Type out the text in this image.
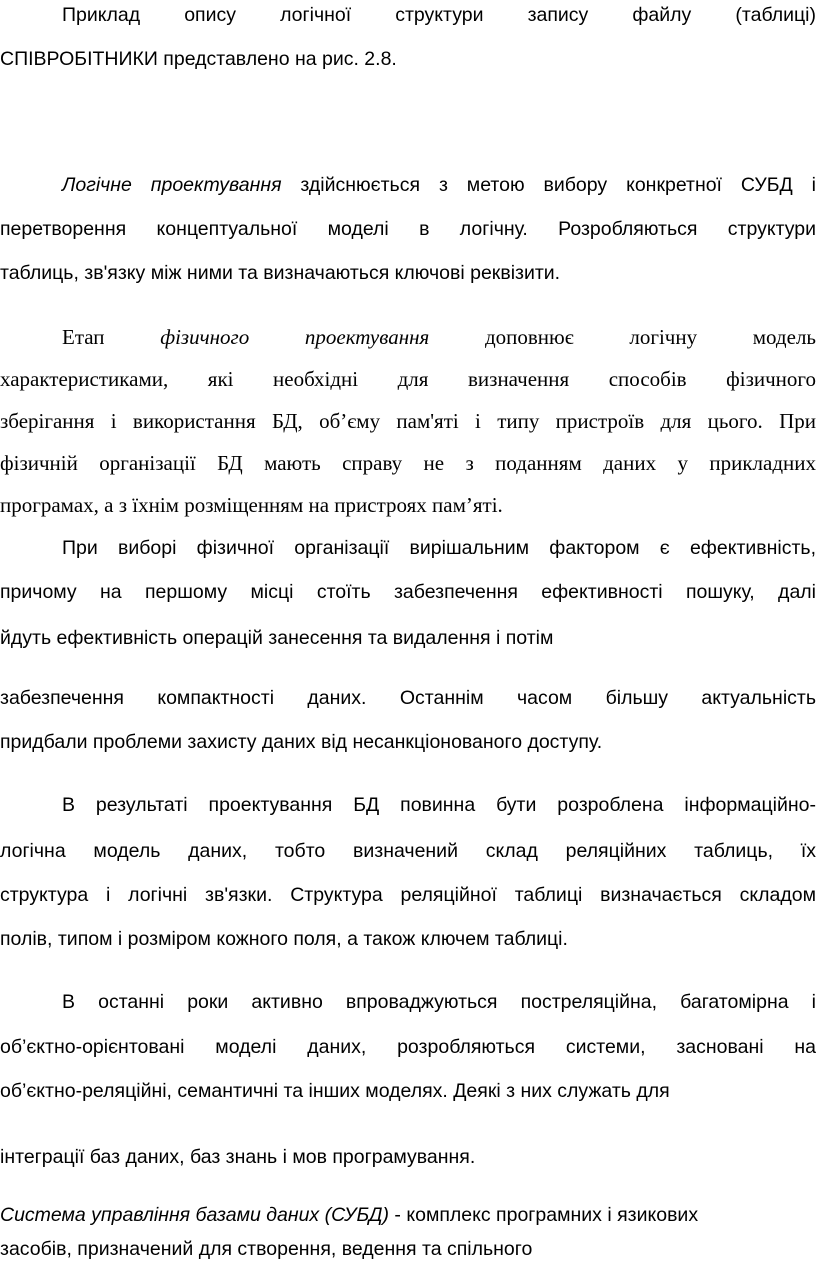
Приклад опису логічної структури запису файлу (таблиці)

СПІВРОБІТНИКИ представлено на рис. 2.8.

Логічне проектування здійснюється з метою вибору конкретної СУБД і

перетворення концептуальної моделі в логічну. Розробляються структури

таблиць, зв'язку між ними та визначаються ключові реквізити.

Етап фізичного проектування доповнює логічну модель

характеристиками, які необхідні для визначення способів фізичного

зберігання і використання БД, об’єму пам'яті і типу пристроїв для цього. При

фізичній організації БД мають справу не з поданням даних у прикладних

програмах, а з їхнім розміщенням на пристроях пам’яті.

При виборі фізичної організації вирішальним фактором є ефективність,

причому на першому місці стоїть забезпечення ефективності пошуку, далі

йдуть ефективність операцій занесення та видалення і потім

забезпечення компактності даних. Останнім часом більшу актуальність

придбали проблеми захисту даних від несанкціонованого доступу.

В результаті проектування БД повинна бути розроблена інформаційно-

логічна модель даних, тобто визначений склад реляційних таблиць, їх

структура і логічні зв'язки. Структура реляційної таблиці визначається складом

полів, типом і розміром кожного поля, а також ключем таблиці.

В останні роки активно впроваджуються постреляційна, багатомірна і

об’єктно-орієнтовані моделі даних, розробляються системи, засновані на

об’єктно-реляційні, семантичні та інших моделях. Деякі з них служать для

інтеграції баз даних, баз знань і мов програмування.

Система управління базами даних (СУБД) - комплекс програмних і язикових

засобів, призначений для створення, ведення та спільного
